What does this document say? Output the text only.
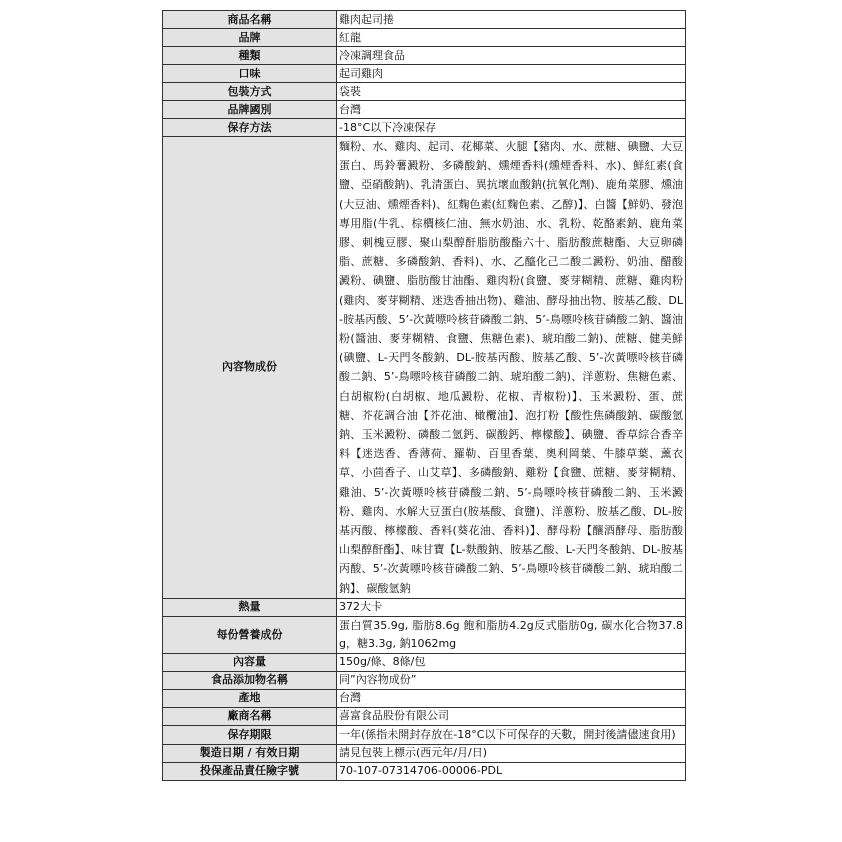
商品名稱	雞肉起司捲
品牌	紅龍
種類	冷凍調理食品
口味	起司雞肉
包裝方式	袋裝
品牌國別	台灣
保存方法	-18°C以下冷凍保存
內容物成份	麵粉、水、雞肉、起司、花椰菜、火腿【豬肉、水、蔗糖、碘鹽、大豆蛋白、馬鈴薯澱粉、多磷酸鈉、燻煙香料(燻煙香料、水)、鮮紅素(食鹽、亞硝酸鈉)、乳清蛋白、異抗壞血酸鈉(抗氧化劑)、鹿角菜膠、燻油(大豆油、燻煙香料)、紅麴色素(紅麴色素、乙醇)】、白醬【鮮奶、發泡專用脂(牛乳、棕櫚核仁油、無水奶油、水、乳粉、乾酪素鈉、鹿角菜膠、刺槐豆膠、聚山梨醇酐脂肪酸酯六十、脂肪酸蔗糖酯、大豆卵磷脂、蔗糖、多磷酸鈉、香料)、水、乙醯化己二酸二澱粉、奶油、醋酸澱粉、碘鹽、脂肪酸甘油酯、雞肉粉(食鹽、麥芽糊精、蔗糖、雞肉粉(雞肉、麥芽糊精、迷迭香抽出物)、雞油、酵母抽出物、胺基乙酸、DL-胺基丙酸、5’-次黃嘌呤核苷磷酸二鈉、5’-鳥嘌呤核苷磷酸二鈉、醬油粉(醬油、麥芽糊精、食鹽、焦糖色素)、琥珀酸二鈉)、蔗糖、健美鮮(碘鹽、L-天門冬酸鈉、DL-胺基丙酸、胺基乙酸、5’-次黃嘌呤核苷磷酸二鈉、5’-鳥嘌呤核苷磷酸二鈉、琥珀酸二鈉)、洋蔥粉、焦糖色素、白胡椒粉(白胡椒、地瓜澱粉、花椒、青椒粉)】、玉米澱粉、蛋、蔗糖、芥花調合油【芥花油、橄欖油】、泡打粉【酸性焦磷酸鈉、碳酸氫鈉、玉米澱粉、磷酸二氫鈣、碳酸鈣、檸檬酸】、碘鹽、香草綜合香辛料【迷迭香、香薄荷、羅勒、百里香葉、奧利岡葉、牛膝草葉、薰衣草、小茴香子、山艾草】、多磷酸鈉、雞粉【食鹽、蔗糖、麥芽糊精、雞油、5’-次黃嘌呤核苷磷酸二鈉、5’-鳥嘌呤核苷磷酸二鈉、玉米澱粉、雞肉、水解大豆蛋白(胺基酸、食鹽)、洋蔥粉、胺基乙酸、DL-胺基丙酸、檸檬酸、香料(葵花油、香料)】、酵母粉【釀酒酵母、脂肪酸山梨醇酐酯】、味甘寶【L-麩酸鈉、胺基乙酸、L-天門冬酸鈉、DL-胺基丙酸、5’-次黃嘌呤核苷磷酸二鈉、5’-鳥嘌呤核苷磷酸二鈉、琥珀酸二鈉】、碳酸氫鈉
熱量	372大卡
每份營養成份	蛋白質35.9g, 脂肪8.6g 飽和脂肪4.2g反式脂肪0g, 碳水化合物37.8g，糖3.3g, 鈉1062mg
內容量	150g/條、8條/包
食品添加物名稱	同”內容物成份”
產地	台灣
廠商名稱	喜富食品股份有限公司
保存期限	一年(係指未開封存放在-18°C以下可保存的天數，開封後請儘速食用)
製造日期 / 有效日期	請見包裝上標示(西元年/月/日)
投保產品責任險字號	70-107-07314706-00006-PDL
